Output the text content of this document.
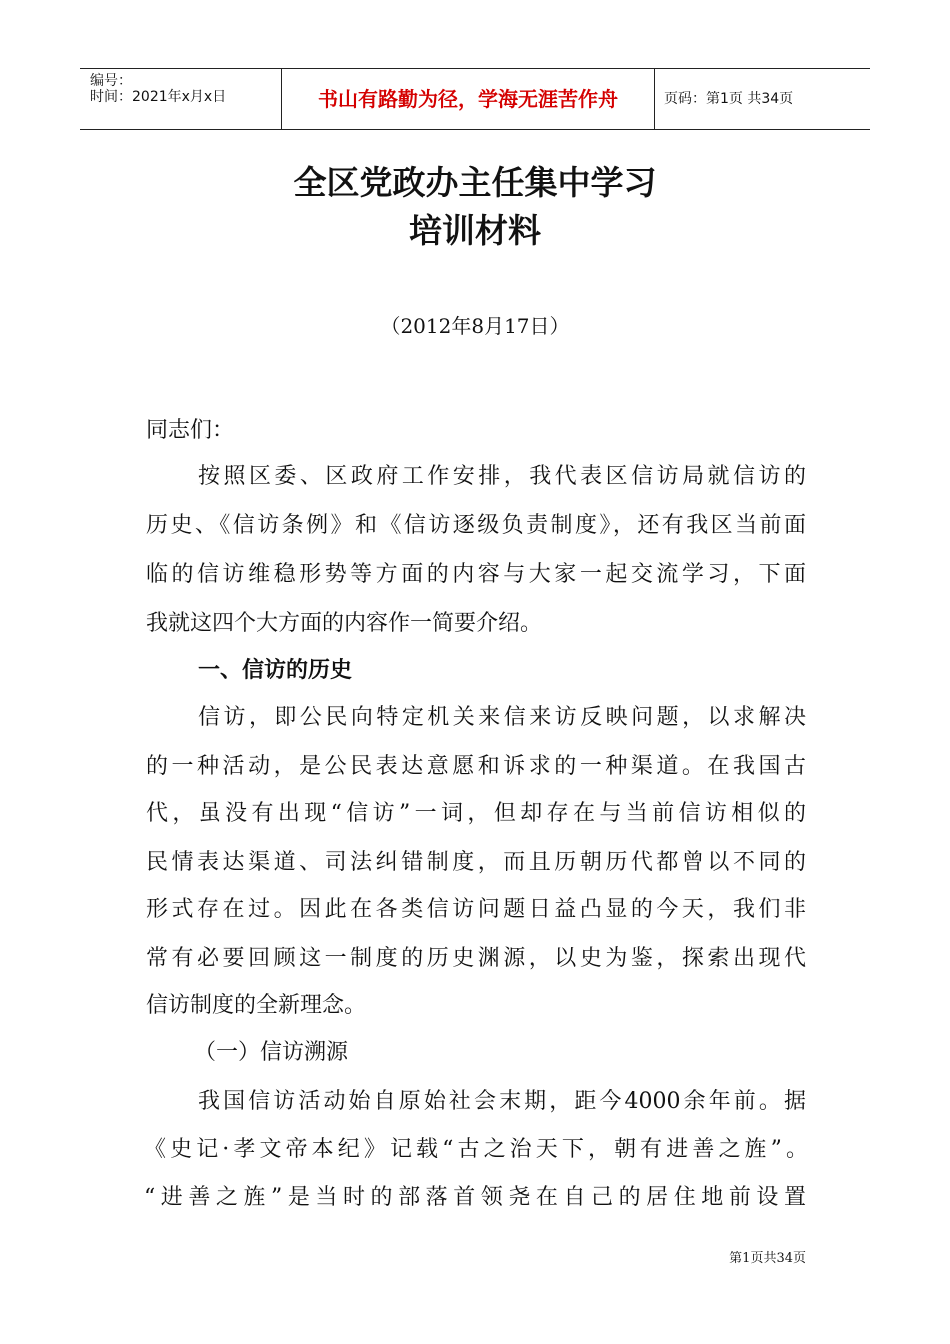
编号：
时间：2021年x月x日	书山有路勤为径，学海无涯苦作舟	页码：第1页 共34页
全区党政办主任集中学习
培训材料
（2012年8月17日）
同志们：
按照区委、区政府工作安排，我代表区信访局就信访的
历史、《信访条例》和《信访逐级负责制度》，还有我区当前面
临的信访维稳形势等方面的内容与大家一起交流学习，下面
我就这四个大方面的内容作一简要介绍。
一、信访的历史
信访，即公民向特定机关来信来访反映问题，以求解决
的一种活动，是公民表达意愿和诉求的一种渠道。在我国古
代，虽没有出现“信访”一词，但却存在与当前信访相似的
民情表达渠道、司法纠错制度，而且历朝历代都曾以不同的
形式存在过。因此在各类信访问题日益凸显的今天，我们非
常有必要回顾这一制度的历史渊源，以史为鉴，探索出现代
信访制度的全新理念。
（一）信访溯源
我国信访活动始自原始社会末期，距今4000余年前。据
《史记·孝文帝本纪》记载“古之治天下，朝有进善之旌”。
“进善之旌”是当时的部落首领尧在自己的居住地前设置
第1页共34页
